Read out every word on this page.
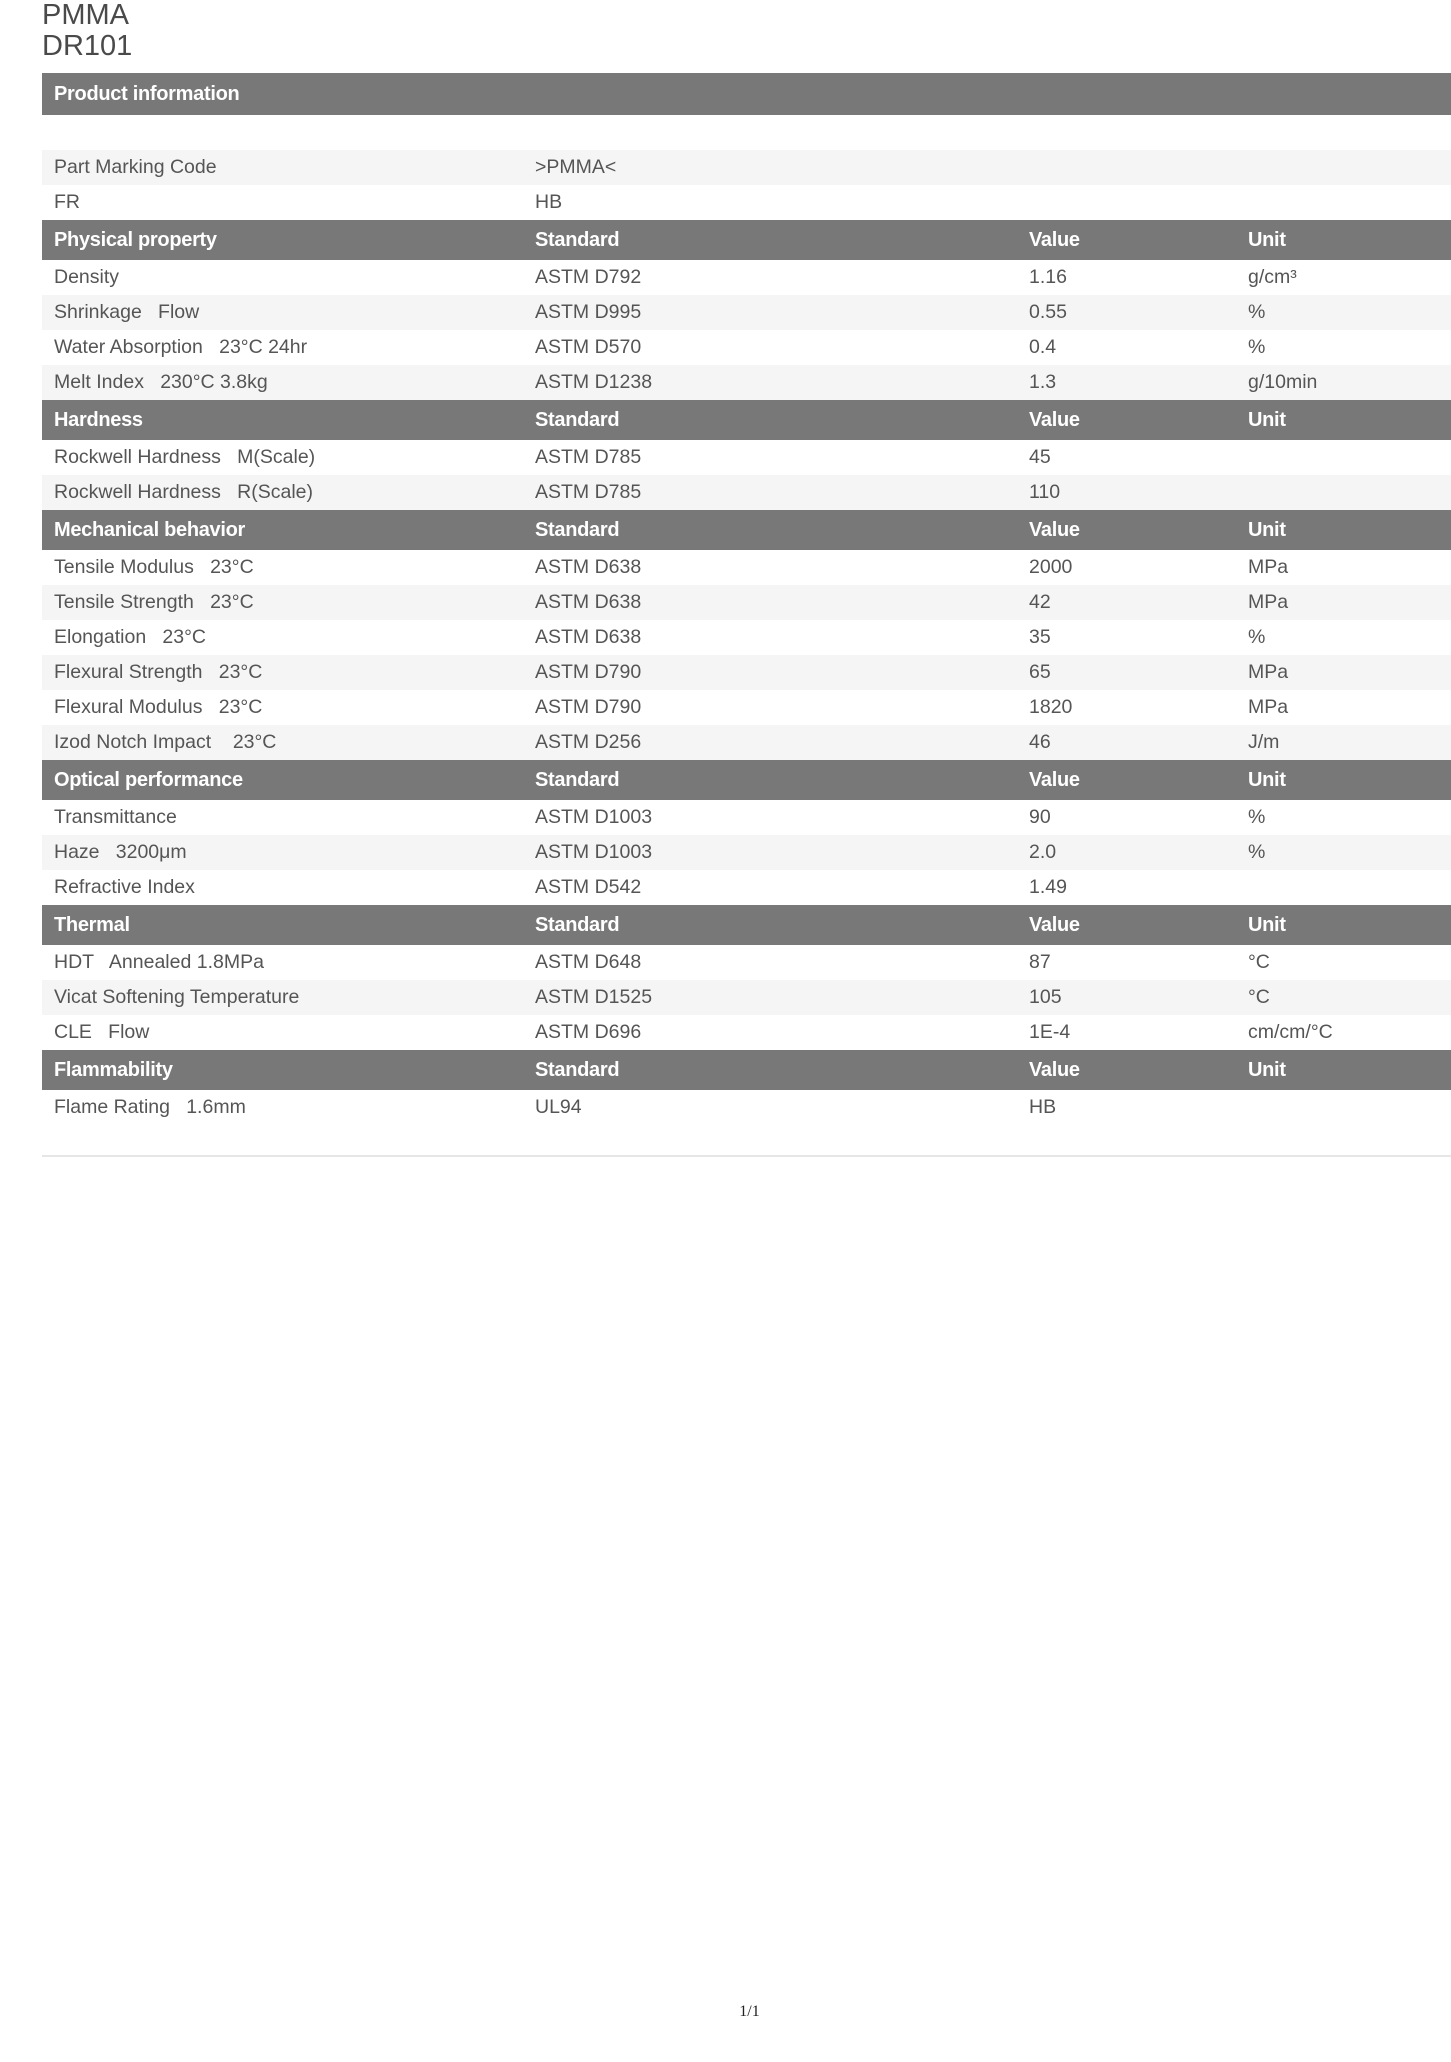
PMMA
DR101
Product information
Part Marking Code	>PMMA<
FR	HB
Physical property	Standard	Value	Unit
Density	ASTM D792	1.16	g/cm³
Shrinkage   Flow	ASTM D995	0.55	%
Water Absorption   23°C 24hr	ASTM D570	0.4	%
Melt Index   230°C 3.8kg	ASTM D1238	1.3	g/10min
Hardness	Standard	Value	Unit
Rockwell Hardness   M(Scale)	ASTM D785	45
Rockwell Hardness   R(Scale)	ASTM D785	110
Mechanical behavior	Standard	Value	Unit
Tensile Modulus   23°C	ASTM D638	2000	MPa
Tensile Strength   23°C	ASTM D638	42	MPa
Elongation   23°C	ASTM D638	35	%
Flexural Strength   23°C	ASTM D790	65	MPa
Flexural Modulus   23°C	ASTM D790	1820	MPa
Izod Notch Impact    23°C	ASTM D256	46	J/m
Optical performance	Standard	Value	Unit
Transmittance	ASTM D1003	90	%
Haze   3200μm	ASTM D1003	2.0	%
Refractive Index	ASTM D542	1.49
Thermal	Standard	Value	Unit
HDT   Annealed 1.8MPa	ASTM D648	87	°C
Vicat Softening Temperature	ASTM D1525	105	°C
CLE   Flow	ASTM D696	1E-4	cm/cm/°C
Flammability	Standard	Value	Unit
Flame Rating   1.6mm	UL94	HB
1/1
